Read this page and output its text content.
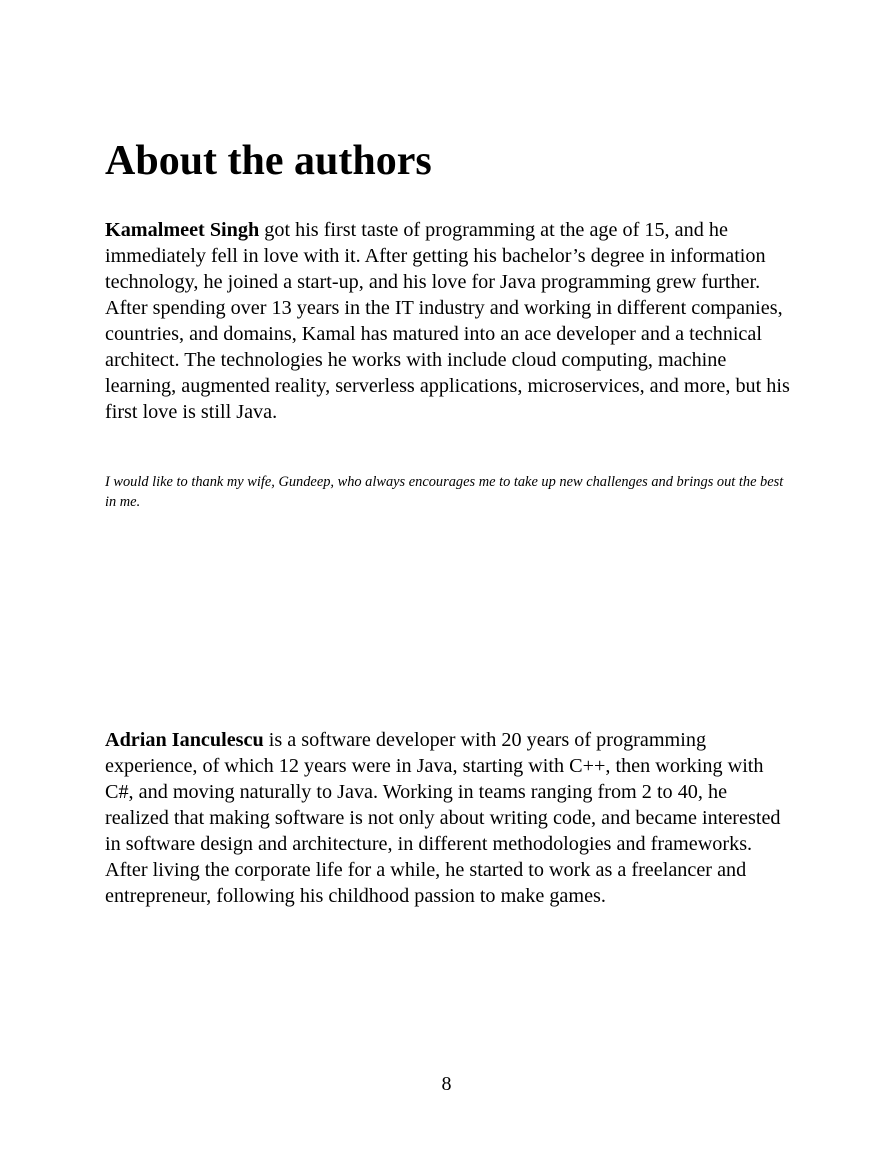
About the authors

Kamalmeet Singh got his first taste of programming at the age of 15, and he immediately fell in love with it. After getting his bachelor’s degree in information technology, he joined a start-up, and his love for Java programming grew further. After spending over 13 years in the IT industry and working in different companies, countries, and domains, Kamal has matured into an ace developer and a technical architect. The technologies he works with include cloud computing, machine learning, augmented reality, serverless applications, microservices, and more, but his first love is still Java.

I would like to thank my wife, Gundeep, who always encourages me to take up new challenges and brings out the best in me.

Adrian Ianculescu is a software developer with 20 years of programming experience, of which 12 years were in Java, starting with C++, then working with C#, and moving naturally to Java. Working in teams ranging from 2 to 40, he realized that making software is not only about writing code, and became interested in software design and architecture, in different methodologies and frameworks. After living the corporate life for a while, he started to work as a freelancer and entrepreneur, following his childhood passion to make games.

8
